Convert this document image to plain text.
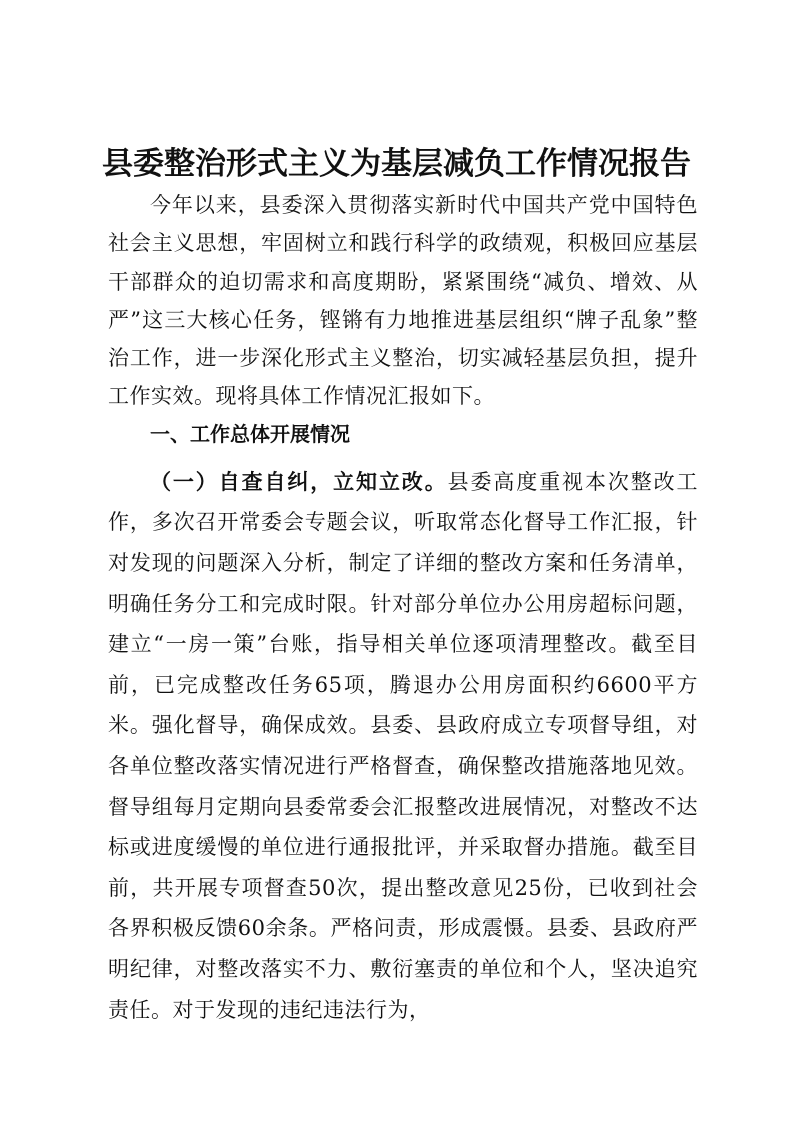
县委整治形式主义为基层减负工作情况报告

今年以来，县委深入贯彻落实新时代中国共产党中国特色社会主义思想，牢固树立和践行科学的政绩观，积极回应基层干部群众的迫切需求和高度期盼，紧紧围绕“减负、增效、从严”这三大核心任务，铿锵有力地推进基层组织“牌子乱象”整治工作，进一步深化形式主义整治，切实减轻基层负担，提升工作实效。现将具体工作情况汇报如下。

一、工作总体开展情况

（一）自查自纠，立知立改。县委高度重视本次整改工作，多次召开常委会专题会议，听取常态化督导工作汇报，针对发现的问题深入分析，制定了详细的整改方案和任务清单，明确任务分工和完成时限。针对部分单位办公用房超标问题，建立“一房一策”台账，指导相关单位逐项清理整改。截至目前，已完成整改任务65项，腾退办公用房面积约6600平方米。强化督导，确保成效。县委、县政府成立专项督导组，对各单位整改落实情况进行严格督查，确保整改措施落地见效。督导组每月定期向县委常委会汇报整改进展情况，对整改不达标或进度缓慢的单位进行通报批评，并采取督办措施。截至目前，共开展专项督查50次，提出整改意见25份，已收到社会各界积极反馈60余条。严格问责，形成震慑。县委、县政府严明纪律，对整改落实不力、敷衍塞责的单位和个人，坚决追究责任。对于发现的违纪违法行为，
